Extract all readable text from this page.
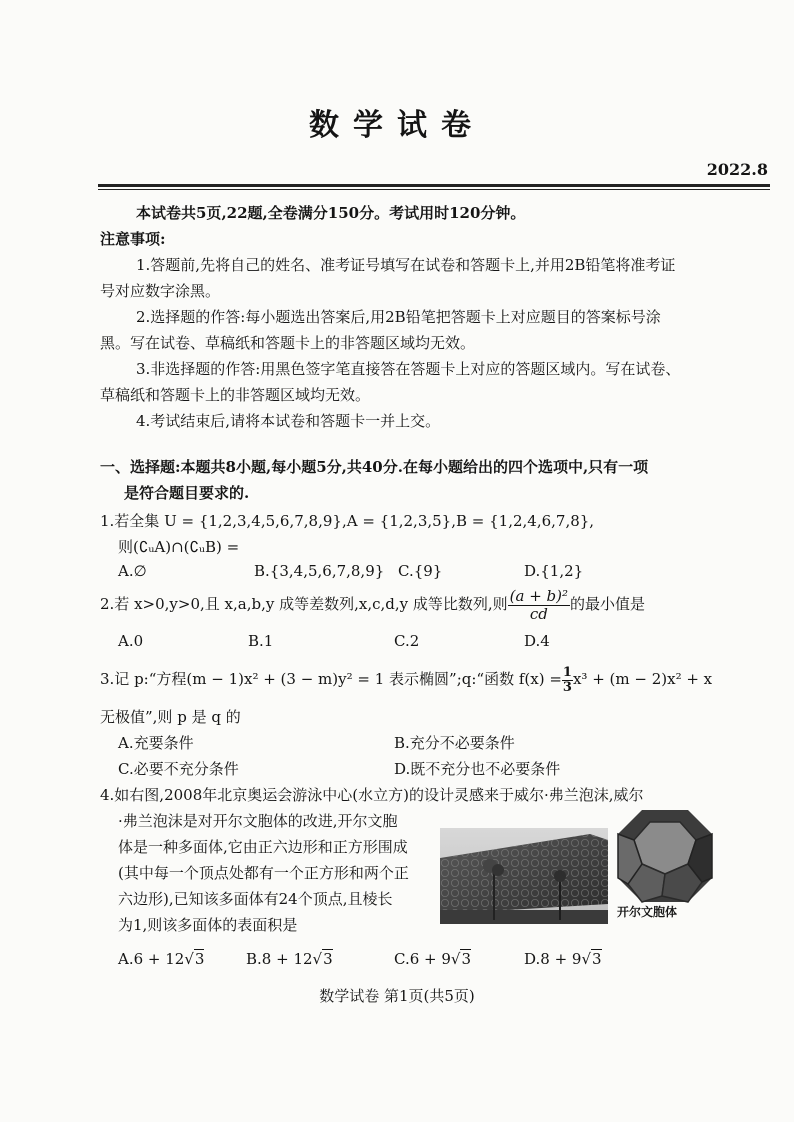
数学试卷
2022.8
本试卷共5页,22题,全卷满分150分。考试用时120分钟。
注意事项:
1.答题前,先将自己的姓名、准考证号填写在试卷和答题卡上,并用2B铅笔将准考证
号对应数字涂黑。
2.选择题的作答:每小题选出答案后,用2B铅笔把答题卡上对应题目的答案标号涂
黑。写在试卷、草稿纸和答题卡上的非答题区域均无效。
3.非选择题的作答:用黑色签字笔直接答在答题卡上对应的答题区域内。写在试卷、
草稿纸和答题卡上的非答题区域均无效。
4.考试结束后,请将本试卷和答题卡一并上交。
一、选择题:本题共8小题,每小题5分,共40分.在每小题给出的四个选项中,只有一项
是符合题目要求的.
1.若全集 U = {1,2,3,4,5,6,7,8,9},A = {1,2,3,5},B = {1,2,4,6,7,8},
则(∁ᵤA)∩(∁ᵤB) =
A.∅	B.{3,4,5,6,7,8,9} C.{9}	D.{1,2}
2.若 x>0,y>0,且 x,a,b,y 成等差数列,x,c,d,y 成等比数列,则 $\frac{\text{(a + b)²}}{cd}$ 的最小值是
A.0	B.1	C.2	D.4
3.记 p:“方程(m − 1)x² + (3 − m)y² = 1 表示椭圆”;q:“函数 $f(x) = \frac{1}{3} x^3 + (m - 2)x^2 + x$
无极值”,则 p 是 q 的
A.充要条件	B.充分不必要条件
C.必要不充分条件	D.既不充分也不必要条件
4.如右图,2008年北京奥运会游泳中心(水立方)的设计灵感来于威尔·弗兰泡沫,威尔
·弗兰泡沫是对开尔文胞体的改进,开尔文胞
体是一种多面体,它由正六边形和正方形围成
(其中每一个顶点处都有一个正方形和两个正
六边形),已知该多面体有24个顶点,且棱长
为1,则该多面体的表面积是
开尔文胞体
A.6 + 12√3	B.8 + 12√3	C.6 + 9√3	D.8 + 9√3
数学试卷 第1页(共5页)
